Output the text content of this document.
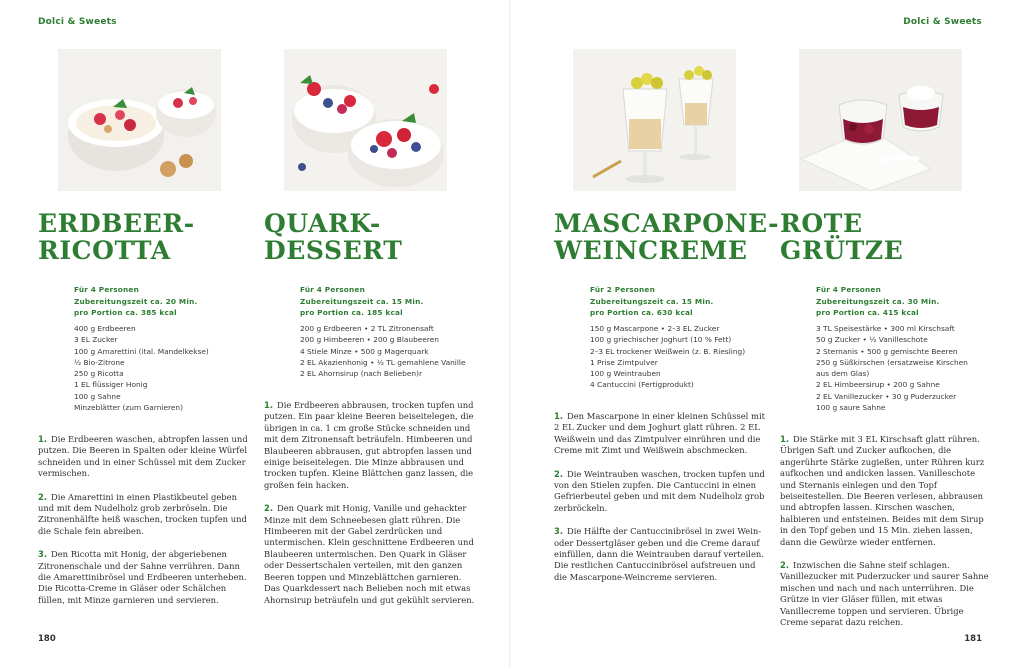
Dolci & Sweets	Dolci & Sweets
ERDBEER-
RICOTTA
Für 4 Personen
Zubereitungszeit ca. 20 Min.
pro Portion ca. 385 kcal
400 g Erdbeeren
3 EL Zucker
100 g Amarettini (ital. Mandelkekse)
½ Bio-Zitrone
250 g Ricotta
1 EL flüssiger Honig
100 g Sahne
Minzeblätter (zum Garnieren)

1. Die Erdbeeren waschen, abtropfen lassen und putzen. Die Beeren in Spalten oder kleine Würfel schneiden und in einer Schüssel mit dem Zucker vermischen.

2. Die Amarettini in einen Plastikbeutel geben und mit dem Nudelholz grob zerbröseln. Die Zitronenhälfte heiß waschen, trocken tupfen und die Schale fein abreiben.

3. Den Ricotta mit Honig, der abgeriebenen Zitronenschale und der Sahne verrühren. Dann die Amarettinibrösel und Erdbeeren unterheben. Die Ricotta-Creme in Gläser oder Schälchen füllen, mit Minze garnieren und servieren.

QUARK-
DESSERT
Für 4 Personen
Zubereitungszeit ca. 15 Min.
pro Portion ca. 185 kcal
200 g Erdbeeren • 2 TL Zitronensaft
200 g Himbeeren • 200 g Blaubeeren
4 Stiele Minze • 500 g Magerquark
2 EL Akazienhonig • ½ TL gemahlene Vanille
2 EL Ahornsirup (nach Belieben)r

1. Die Erdbeeren abbrausen, trocken tupfen und putzen. Ein paar kleine Beeren beiseitelegen, die übrigen in ca. 1 cm große Stücke schneiden und mit dem Zitronensaft beträufeln. Himbeeren und Blaubeeren abbrausen, gut abtropfen lassen und einige beiseitelegen. Die Minze abbrausen und trocken tupfen. Kleine Blättchen ganz lassen, die großen fein hacken.

2. Den Quark mit Honig, Vanille und gehackter Minze mit dem Schneebesen glatt rühren. Die Himbeeren mit der Gabel zerdrücken und untermischen. Klein geschnittene Erdbeeren und Blaubeeren untermischen. Den Quark in Gläser oder Dessertschalen verteilen, mit den ganzen Beeren toppen und Minzeblättchen garnieren. Das Quarkdessert nach Belieben noch mit etwas Ahornsirup beträufeln und gut gekühlt servieren.

MASCARPONE-
WEINCREME
Für 2 Personen
Zubereitungszeit ca. 15 Min.
pro Portion ca. 630 kcal
150 g Mascarpone • 2–3 EL Zucker
100 g griechischer Joghurt (10 % Fett)
2–3 EL trockener Weißwein (z. B. Riesling)
1 Prise Zimtpulver
100 g Weintrauben
4 Cantuccini (Fertigprodukt)

1. Den Mascarpone in einer kleinen Schüssel mit 2 EL Zucker und dem Joghurt glatt rühren. 2 EL Weißwein und das Zimtpulver einrühren und die Creme mit Zimt und Weißwein abschmecken.

2. Die Weintrauben waschen, trocken tupfen und von den Stielen zupfen. Die Cantuccini in einen Gefrierbeutel geben und mit dem Nudelholz grob zerbröckeln.

3. Die Hälfte der Cantuccinibrösel in zwei Wein- oder Dessertgläser geben und die Creme darauf einfüllen, dann die Weintrauben darauf verteilen. Die restlichen Cantuccinibrösel aufstreuen und die Mascarpone-Weincreme servieren.

ROTE
GRÜTZE
Für 4 Personen
Zubereitungszeit ca. 30 Min.
pro Portion ca. 415 kcal
3 TL Speisestärke • 300 ml Kirschsaft
50 g Zucker • ½ Vanilleschote
2 Sternanis • 500 g gemischte Beeren
250 g Süßkirschen (ersatzweise Kirschen
aus dem Glas)
2 EL Himbeersirup • 200 g Sahne
2 EL Vanillezucker • 30 g Puderzucker
100 g saure Sahne

1. Die Stärke mit 3 EL Kirschsaft glatt rühren. Übrigen Saft und Zucker aufkochen, die angerührte Stärke zugießen, unter Rühren kurz aufkochen und andicken lassen. Vanilleschote und Sternanis einlegen und den Topf beiseitestellen. Die Beeren verlesen, abbrausen und abtropfen lassen. Kirschen waschen, halbieren und entsteinen. Beides mit dem Sirup in den Topf geben und 15 Min. ziehen lassen, dann die Gewürze wieder entfernen.

2. Inzwischen die Sahne steif schlagen. Vanillezucker mit Puderzucker und saurer Sahne mischen und nach und nach unterrühren. Die Grütze in vier Gläser füllen, mit etwas Vanillecreme toppen und servieren. Übrige Creme separat dazu reichen.

180	181
